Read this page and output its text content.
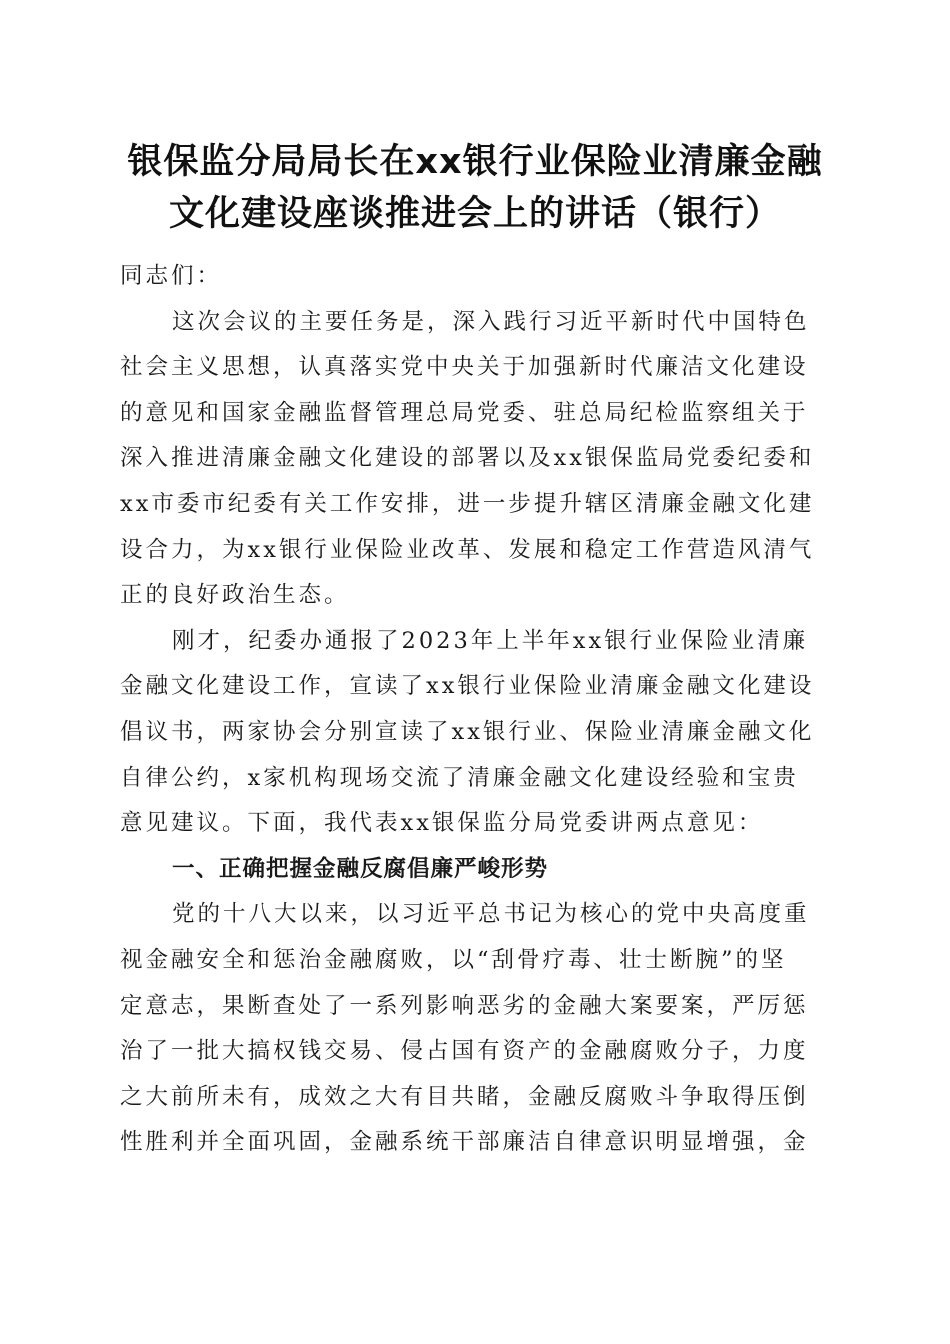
银保监分局局长在xx银行业保险业清廉金融
文化建设座谈推进会上的讲话（银行）
同志们：
这次会议的主要任务是，深入践行习近平新时代中国特色
社会主义思想，认真落实党中央关于加强新时代廉洁文化建设
的意见和国家金融监督管理总局党委、驻总局纪检监察组关于
深入推进清廉金融文化建设的部署以及xx银保监局党委纪委和
xx市委市纪委有关工作安排，进一步提升辖区清廉金融文化建
设合力，为xx银行业保险业改革、发展和稳定工作营造风清气
正的良好政治生态。
刚才，纪委办通报了2023年上半年xx银行业保险业清廉
金融文化建设工作，宣读了xx银行业保险业清廉金融文化建设
倡议书，两家协会分别宣读了xx银行业、保险业清廉金融文化
自律公约，x家机构现场交流了清廉金融文化建设经验和宝贵
意见建议。下面，我代表xx银保监分局党委讲两点意见：
一、正确把握金融反腐倡廉严峻形势
党的十八大以来，以习近平总书记为核心的党中央高度重
视金融安全和惩治金融腐败，以“刮骨疗毒、壮士断腕”的坚
定意志，果断查处了一系列影响恶劣的金融大案要案，严厉惩
治了一批大搞权钱交易、侵占国有资产的金融腐败分子，力度
之大前所未有，成效之大有目共睹，金融反腐败斗争取得压倒
性胜利并全面巩固，金融系统干部廉洁自律意识明显增强，金
